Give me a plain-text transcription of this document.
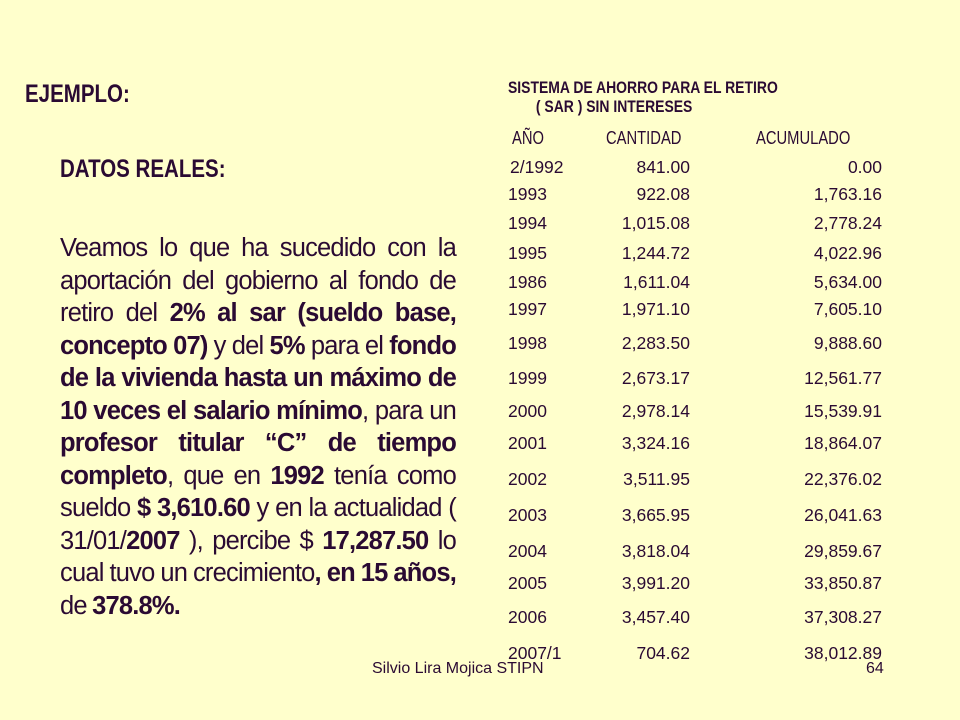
EJEMPLO:
DATOS REALES:
Veamos lo que ha sucedido con la aportación del gobierno al fondo de retiro del 2% al sar (sueldo base, concepto 07) y del 5% para el fondo de la vivienda hasta un máximo de 10 veces el salario mínimo, para un profesor titular “C” de tiempo completo, que en 1992 tenía como sueldo $ 3,610.60 y en la actualidad ( 31/01/2007 ), percibe $ 17,287.50 lo cual tuvo un crecimiento, en 15 años, de 378.8%.
SISTEMA DE AHORRO PARA EL RETIRO
( SAR ) SIN INTERESES
AÑO	CANTIDAD	ACUMULADO
2/1992	841.00	0.00
1993	922.08	1,763.16
1994	1,015.08	2,778.24
1995	1,244.72	4,022.96
1986	1,611.04	5,634.00
1997	1,971.10	7,605.10
1998	2,283.50	9,888.60
1999	2,673.17	12,561.77
2000	2,978.14	15,539.91
2001	3,324.16	18,864.07
2002	3,511.95	22,376.02
2003	3,665.95	26,041.63
2004	3,818.04	29,859.67
2005	3,991.20	33,850.87
2006	3,457.40	37,308.27
2007/1	704.62	38,012.89
Silvio Lira Mojica STIPN	64
